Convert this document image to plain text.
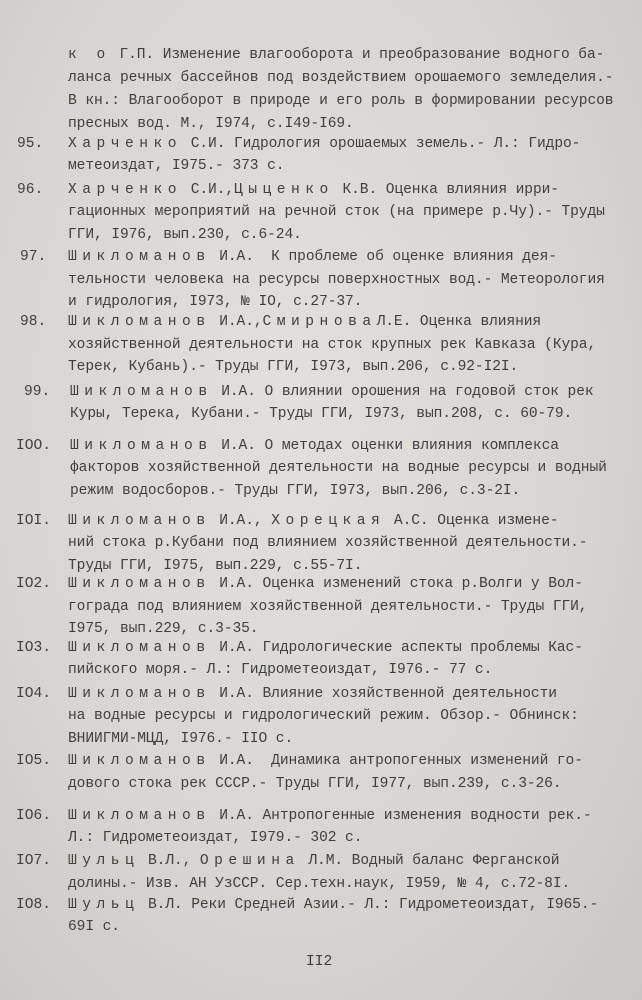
к о Г.П. Изменение влагооборота и преобразование водного ба-
ланса речных бассейнов под воздействием орошаемого земледелия.-
В кн.: Влагооборот в природе и его роль в формировании ресурсов
пресных вод. М., I974, с.I49-I69.
95. Харченко С.И. Гидрология орошаемых земель.- Л.: Гидро-
метеоиздат, I975.- 373 с.
96. Харченко С.И.,Цыценко К.В. Оценка влияния ирри-
гационных мероприятий на речной сток (на примере р.Чу).- Труды
ГГИ, I976, вып.230, с.6-24.
97. Шикломанов И.А.  К проблеме об оценке влияния дея-
тельности человека на ресурсы поверхностных вод.- Метеорология
и гидрология, I973, № IO, с.27-37.
98. Шикломанов И.А.,СмирноваЛ.Е. Оценка влияния
хозяйственной деятельности на сток крупных рек Кавказа (Кура,
Терек, Кубань).- Труды ГГИ, I973, вып.206, с.92-I2I.
99. Шикломанов И.А. О влиянии орошения на годовой сток рек
Куры, Терека, Кубани.- Труды ГГИ, I973, вып.208, с. 60-79.
IOO. Шикломанов И.А. О методах оценки влияния комплекса
факторов хозяйственной деятельности на водные ресурсы и водный
режим водосборов.- Труды ГГИ, I973, вып.206, с.3-2I.
IOI. Шикломанов И.А., Хорецкая А.С. Оценка измене-
ний стока р.Кубани под влиянием хозяйственной деятельности.-
Труды ГГИ, I975, вып.229, с.55-7I.
IO2. Шикломанов И.А. Оценка изменений стока р.Волги у Вол-
гограда под влиянием хозяйственной деятельности.- Труды ГГИ,
I975, вып.229, с.3-35.
IO3. Шикломанов И.А. Гидрологические аспекты проблемы Кас-
пийского моря.- Л.: Гидрометеоиздат, I976.- 77 с.
IO4. Шикломанов И.А. Влияние хозяйственной деятельности
на водные ресурсы и гидрологический режим. Обзор.- Обнинск:
ВНИИГМИ-МЦД, I976.- IIO с.
IO5. Шикломанов И.А.  Динамика антропогенных изменений го-
дового стока рек СССР.- Труды ГГИ, I977, вып.239, с.3-26.
IO6. Шикломанов И.А. Антропогенные изменения водности рек.-
Л.: Гидрометеоиздат, I979.- 302 с.
IO7. Шульц В.Л., Орешина Л.М. Водный баланс Ферганской
долины.- Изв. АН УзССР. Сер.техн.наук, I959, № 4, с.72-8I.
IO8. Шульц В.Л. Реки Средней Азии.- Л.: Гидрометеоиздат, I965.-
69I с.
II2
